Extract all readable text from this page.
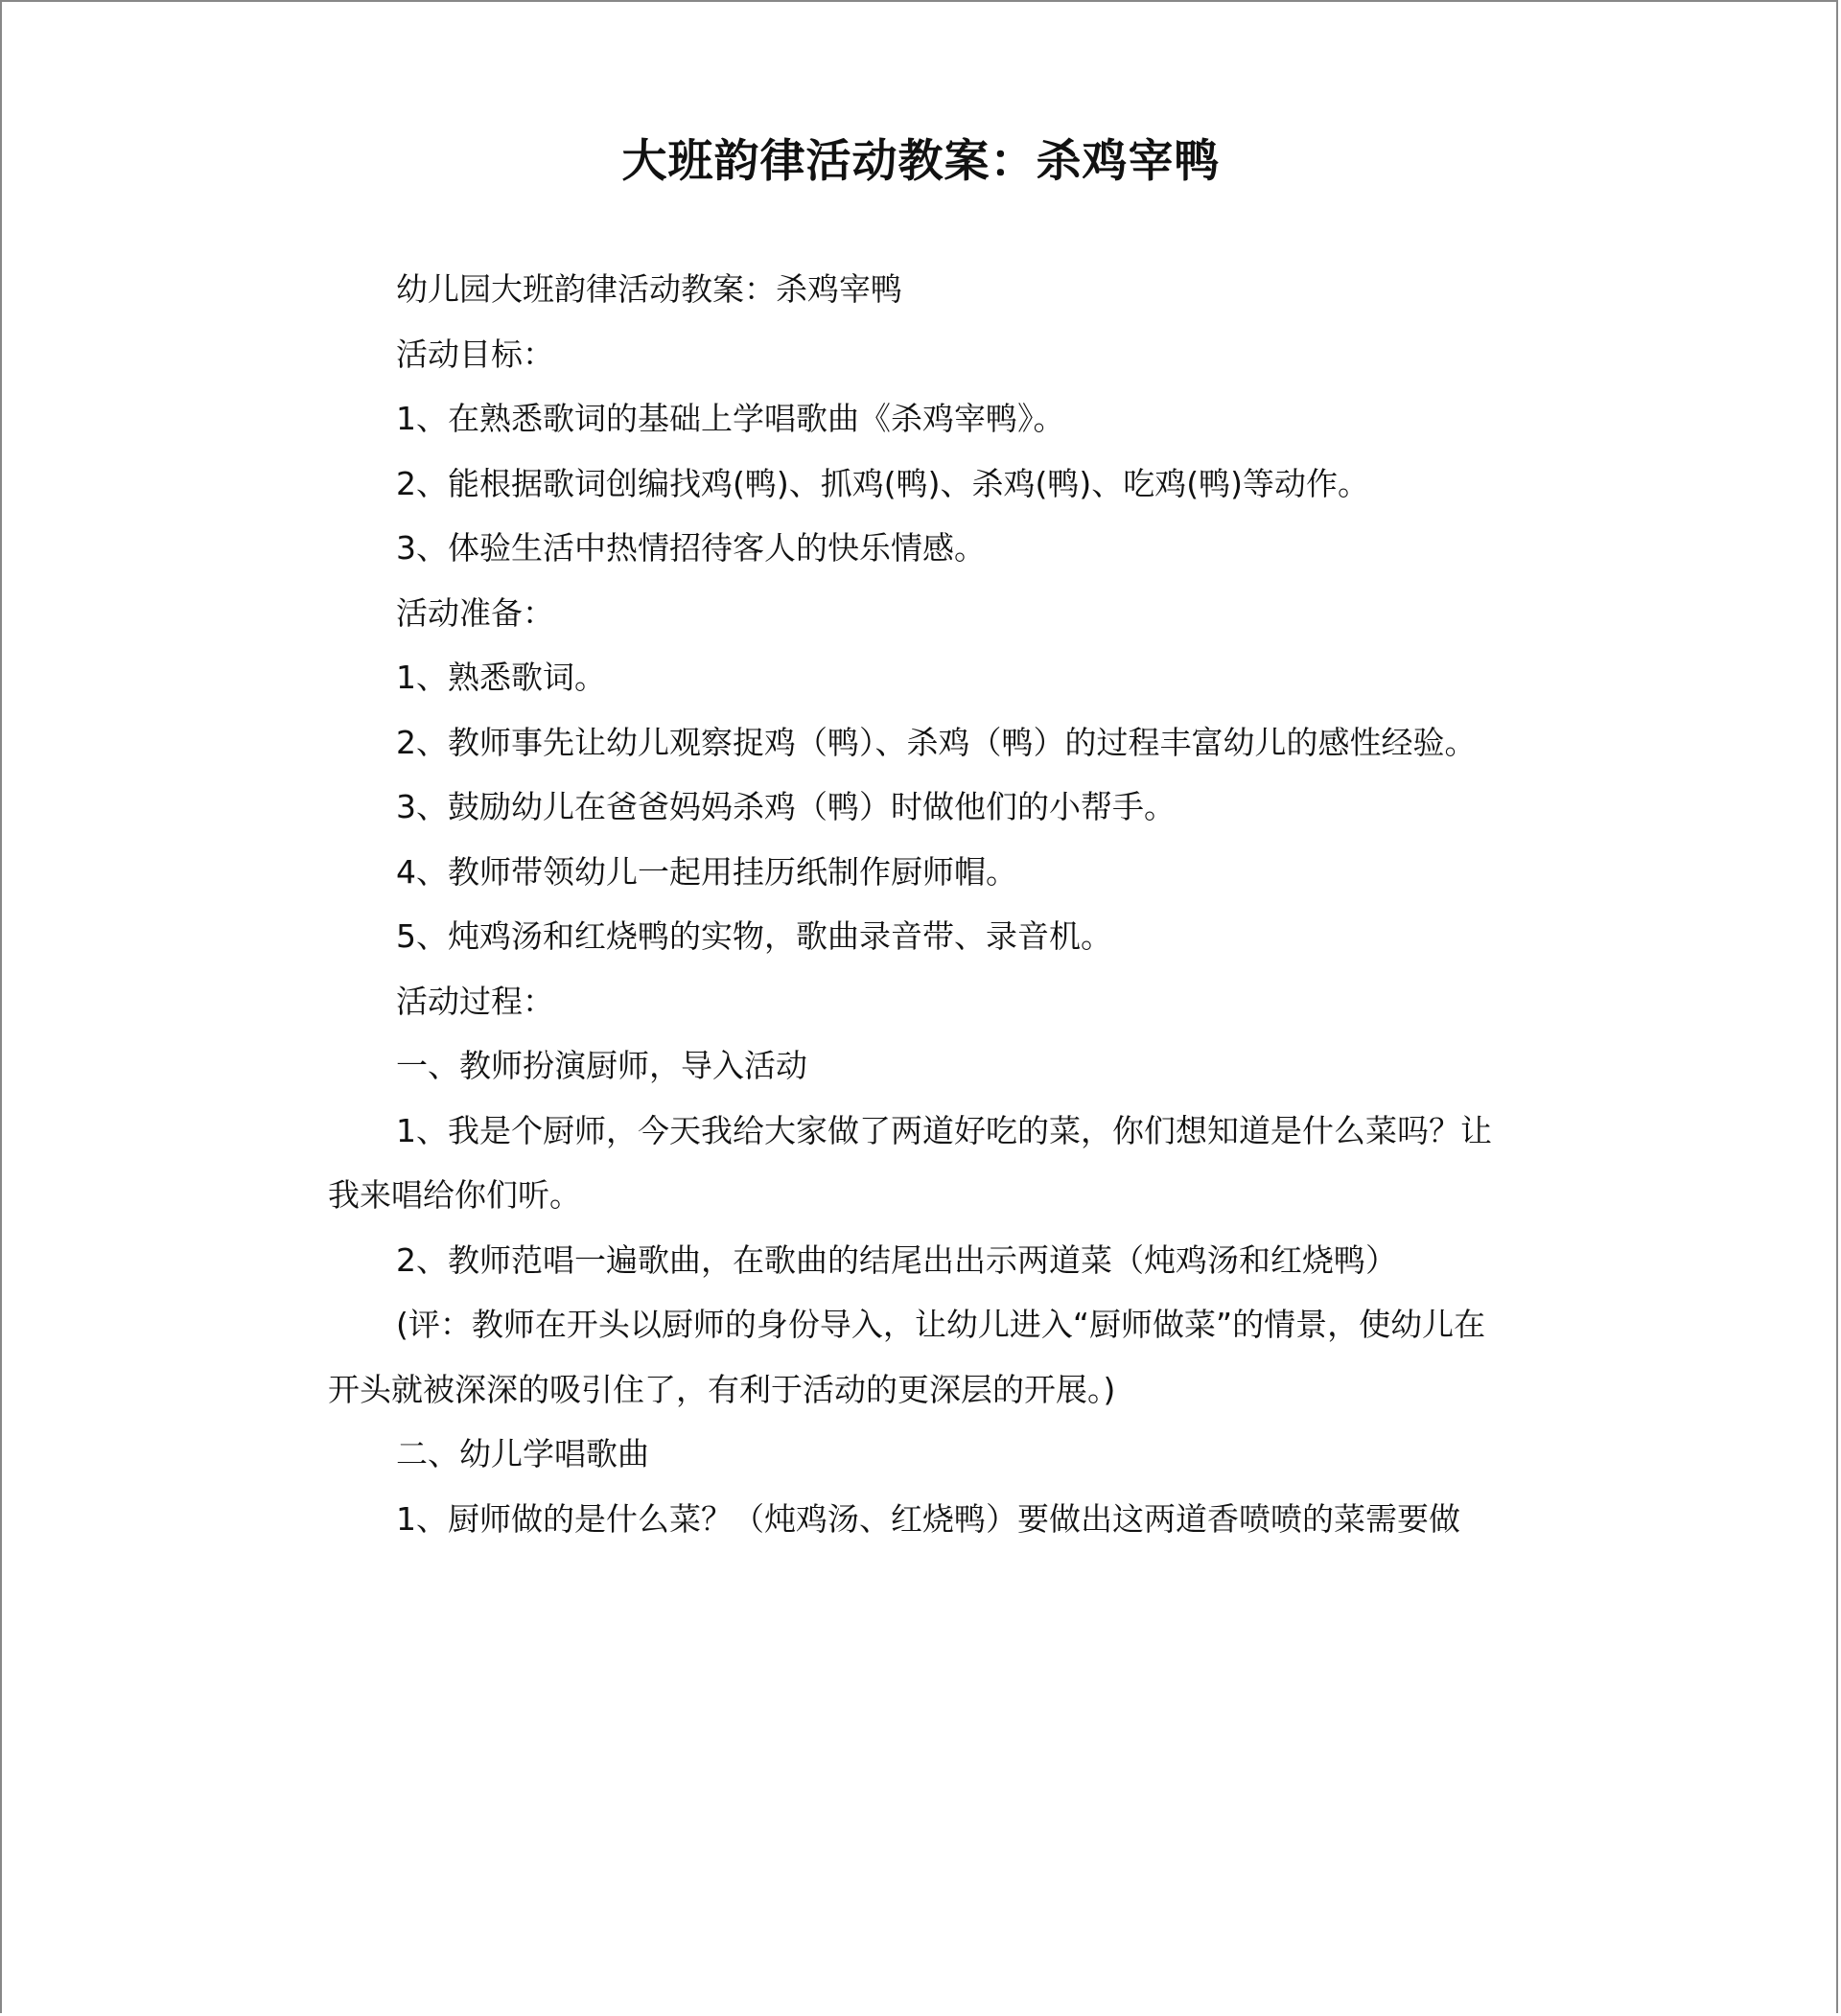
大班韵律活动教案：杀鸡宰鸭

幼儿园大班韵律活动教案：杀鸡宰鸭

活动目标：

1、在熟悉歌词的基础上学唱歌曲《杀鸡宰鸭》。

2、能根据歌词创编找鸡(鸭)、抓鸡(鸭)、杀鸡(鸭)、吃鸡(鸭)等动作。

3、体验生活中热情招待客人的快乐情感。

活动准备：

1、熟悉歌词。

2、教师事先让幼儿观察捉鸡（鸭）、杀鸡（鸭）的过程丰富幼儿的感性经验。

3、鼓励幼儿在爸爸妈妈杀鸡（鸭）时做他们的小帮手。

4、教师带领幼儿一起用挂历纸制作厨师帽。

5、炖鸡汤和红烧鸭的实物，歌曲录音带、录音机。

活动过程：

一、教师扮演厨师，导入活动

1、我是个厨师，今天我给大家做了两道好吃的菜，你们想知道是什么菜吗？让我来唱给你们听。

2、教师范唱一遍歌曲，在歌曲的结尾出出示两道菜（炖鸡汤和红烧鸭）

(评：教师在开头以厨师的身份导入，让幼儿进入“厨师做菜”的情景，使幼儿在开头就被深深的吸引住了，有利于活动的更深层的开展。)

二、幼儿学唱歌曲

1、厨师做的是什么菜？（炖鸡汤、红烧鸭）要做出这两道香喷喷的菜需要做
